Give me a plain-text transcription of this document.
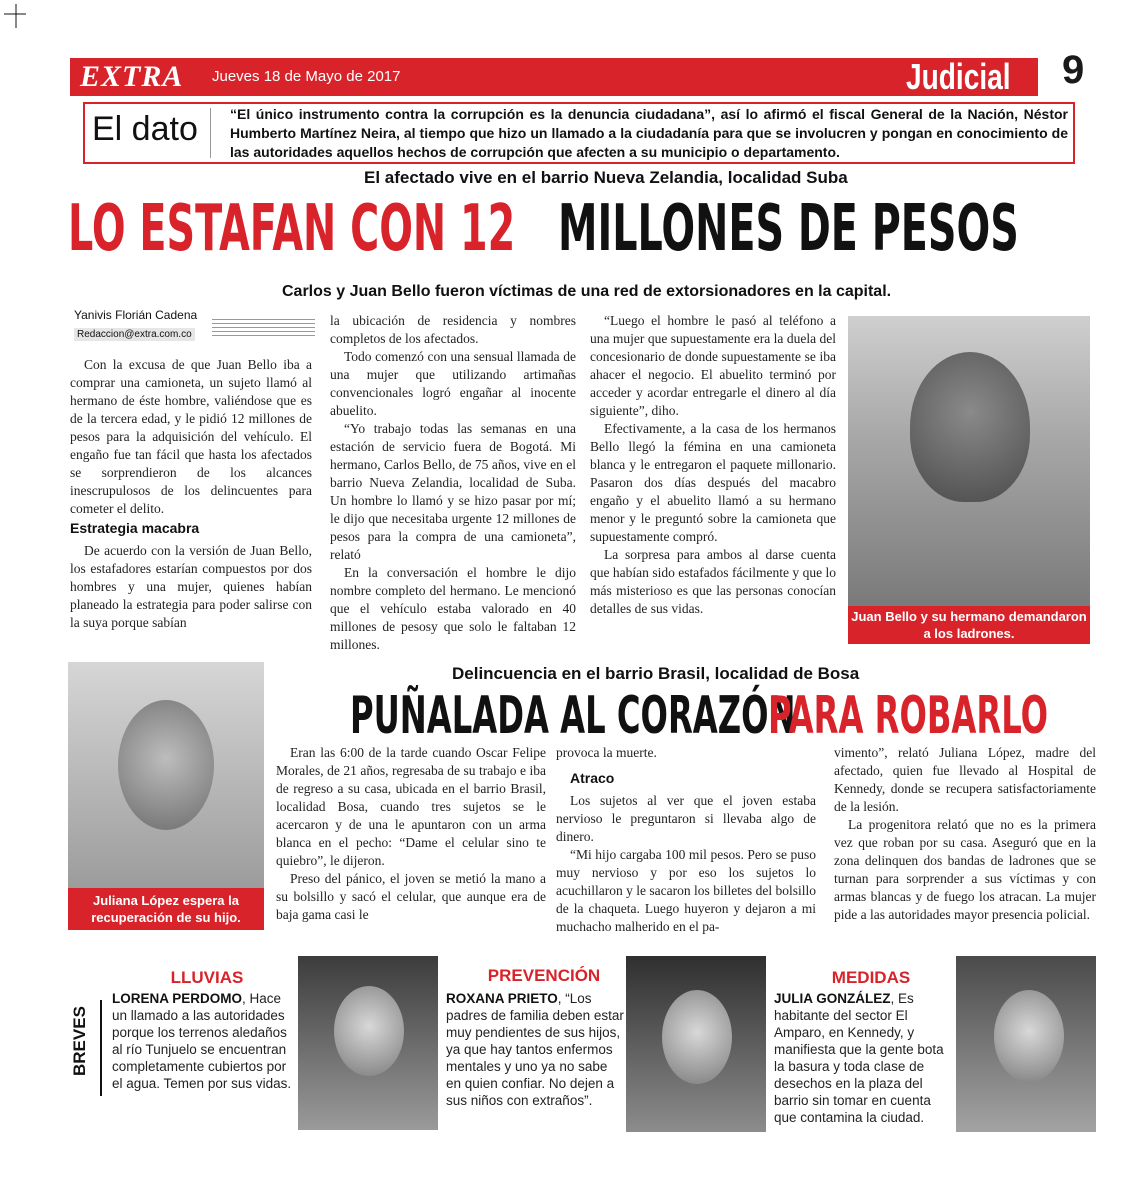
EXTRA Jueves 18 de Mayo de 2017	Judicial 9
El dato “El único instrumento contra la corrupción es la denuncia ciudadana”, así lo afirmó el fiscal General de la Nación, Néstor Humberto Martínez Neira, al tiempo que hizo un llamado a la ciudadanía para que se involucren y pongan en conocimiento de las autoridades aquellos hechos de corrupción que afecten a su municipio o departamento.
El afectado vive en el barrio Nueva Zelandia, localidad Suba
LO ESTAFAN CON 12 MILLONES DE PESOS
Carlos y Juan Bello fueron víctimas de una red de extorsionadores en la capital.
Yanivis Florián Cadena
Redaccion@extra.com.co

Con la excusa de que Juan Bello iba a comprar una camioneta, un sujeto llamó al hermano de éste hombre, valiéndose que es de la tercera edad, y le pidió 12 millones de pesos para la adquisición del vehículo. El engaño fue tan fácil que hasta los afectados se sorprendieron de los alcances inescrupulosos de los delincuentes para cometer el delito.

Estrategia macabra

De acuerdo con la versión de Juan Bello, los estafadores estarían compuestos por dos hombres y una mujer, quienes habían planeado la estrategia para poder salirse con la suya porque sabían

la ubicación de residencia y nombres completos de los afectados.

Todo comenzó con una sensual llamada de una mujer que utilizando artimañas convencionales logró engañar al inocente abuelito.

“Yo trabajo todas las semanas en una estación de servicio fuera de Bogotá. Mi hermano, Carlos Bello, de 75 años, vive en el barrio Nueva Zelandia, localidad de Suba. Un hombre lo llamó y se hizo pasar por mí; le dijo que necesitaba urgente 12 millones de pesos para la compra de una camioneta”, relató

En la conversación el hombre le dijo nombre completo del hermano. Le mencionó que el vehículo estaba valorado en 40 millones de pesosy que solo le faltaban 12 millones.

“Luego el hombre le pasó al teléfono a una mujer que supuestamente era la duela del concesionario de donde supuestamente se iba ahacer el negocio. El abuelito terminó por acceder y acordar entregarle el dinero al día siguiente”, diho.

Efectivamente, a la casa de los hermanos Bello llegó la fémina en una camioneta blanca y le entregaron el paquete millonario. Pasaron dos días después del macabro engaño y el abuelito llamó a su hermano menor y le preguntó sobre la camioneta que supuestamente compró.

La sorpresa para ambos al darse cuenta que habían sido estafados fácilmente y que lo más misterioso es que las personas conocían detalles de sus vidas.

Juan Bello y su hermano demandaron a los ladrones.
Juliana López espera la recuperación de su hijo.
Delincuencia en el barrio Brasil, localidad de Bosa
PUÑALADA AL CORAZÓN
PARA ROBARLO

Eran las 6:00 de la tarde cuando Oscar Felipe Morales, de 21 años, regresaba de su trabajo e iba de regreso a su casa, ubicada en el barrio Brasil, localidad Bosa, cuando tres sujetos se le acercaron y de una le apuntaron con un arma blanca en el pecho: “Dame el celular sino te quiebro”, le dijeron.

Preso del pánico, el joven se metió la mano a su bolsillo y sacó el celular, que aunque era de baja gama casi le

provoca la muerte.

Atraco

Los sujetos al ver que el joven estaba nervioso le preguntaron si llevaba algo de dinero.

“Mi hijo cargaba 100 mil pesos. Pero se puso muy nervioso y por eso los sujetos lo acuchillaron y le sacaron los billetes del bolsillo de la chaqueta. Luego huyeron y dejaron a mi muchacho malherido en el pa-

vimento”, relató Juliana López, madre del afectado, quien fue llevado al Hospital de Kennedy, donde se recupera satisfactoriamente de la lesión.

La progenitora relató que no es la primera vez que roban por su casa. Aseguró que en la zona delinquen dos bandas de ladrones que se turnan para sorprender a sus víctimas y con armas blancas y de fuego los atracan. La mujer pide a las autoridades mayor presencia policial.

BREVES
LLUVIAS
LORENA PERDOMO, Hace un llamado a las autoridades porque los terrenos aledaños al río Tunjuelo se encuentran completamente cubiertos por el agua. Temen por sus vidas.
PREVENCIÓN
ROXANA PRIETO, “Los padres de familia deben estar muy pendientes de sus hijos, ya que hay tantos enfermos mentales y uno ya no sabe en quien confiar. No dejen a sus niños con extraños”.
MEDIDAS
JULIA GONZÁLEZ, Es habitante del sector El Amparo, en Kennedy, y manifiesta que la gente bota la basura y toda clase de desechos en la plaza del barrio sin tomar en cuenta que contamina la ciudad.
